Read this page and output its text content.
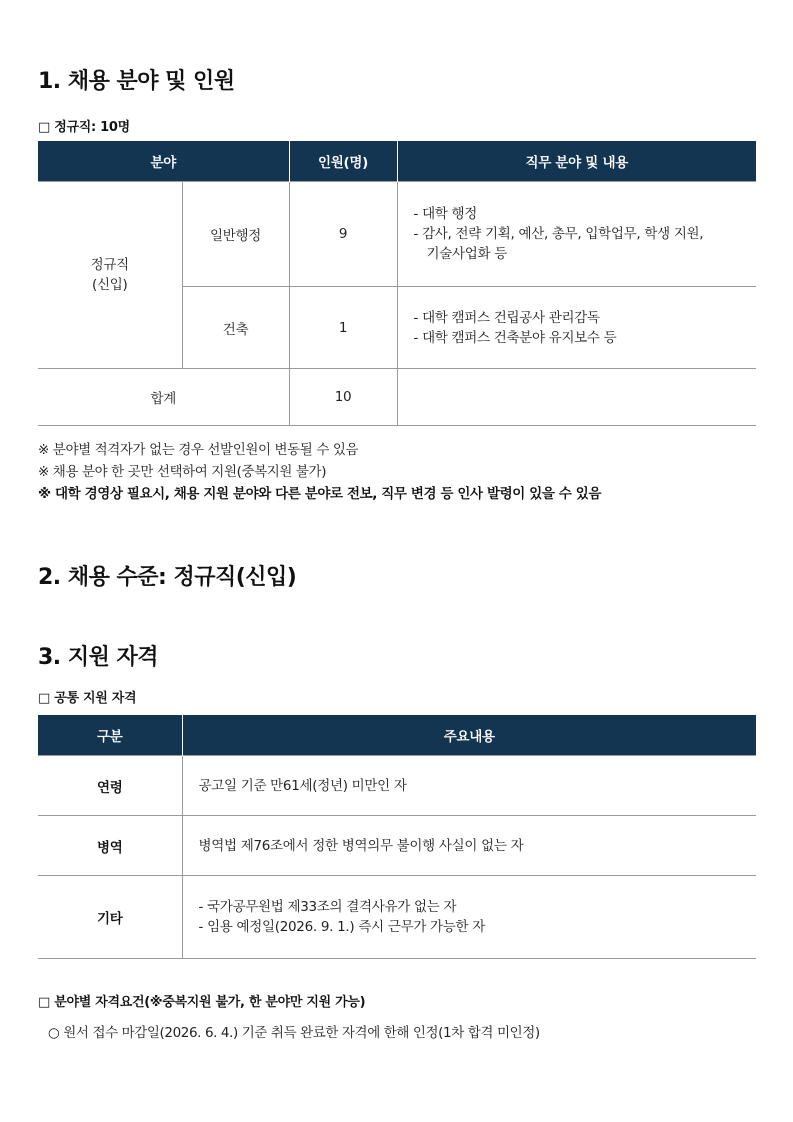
1. 채용 분야 및 인원
□ 정규직: 10명
분야		인원(명)	직무 분야 및 내용
정규직
(신입)	일반행정	9	- 대학 행정
- 감사, 전략 기획, 예산, 총무, 입학업무, 학생 지원,
기술사업화 등

	건축	1	- 대학 캠퍼스 건립공사 관리감독
- 대학 캠퍼스 건축분야 유지보수 등

합계		10	
※ 분야별 적격자가 없는 경우 선발인원이 변동될 수 있음
※ 채용 분야 한 곳만 선택하여 지원(중복지원 불가)
※ 대학 경영상 필요시, 채용 지원 분야와 다른 분야로 전보, 직무 변경 등 인사 발령이 있을 수 있음
2. 채용 수준: 정규직(신입)
3. 지원 자격
□ 공통 지원 자격
구분	주요내용
연령	공고일 기준 만61세(정년) 미만인 자

병역	병역법 제76조에서 정한 병역의무 불이행 사실이 없는 자

기타	- 국가공무원법 제33조의 결격사유가 없는 자
- 임용 예정일(2026. 9. 1.) 즉시 근무가 가능한 자
□ 분야별 자격요건(※중복지원 불가, 한 분야만 지원 가능)
○ 원서 접수 마감일(2026. 6. 4.) 기준 취득 완료한 자격에 한해 인정(1차 합격 미인정)
